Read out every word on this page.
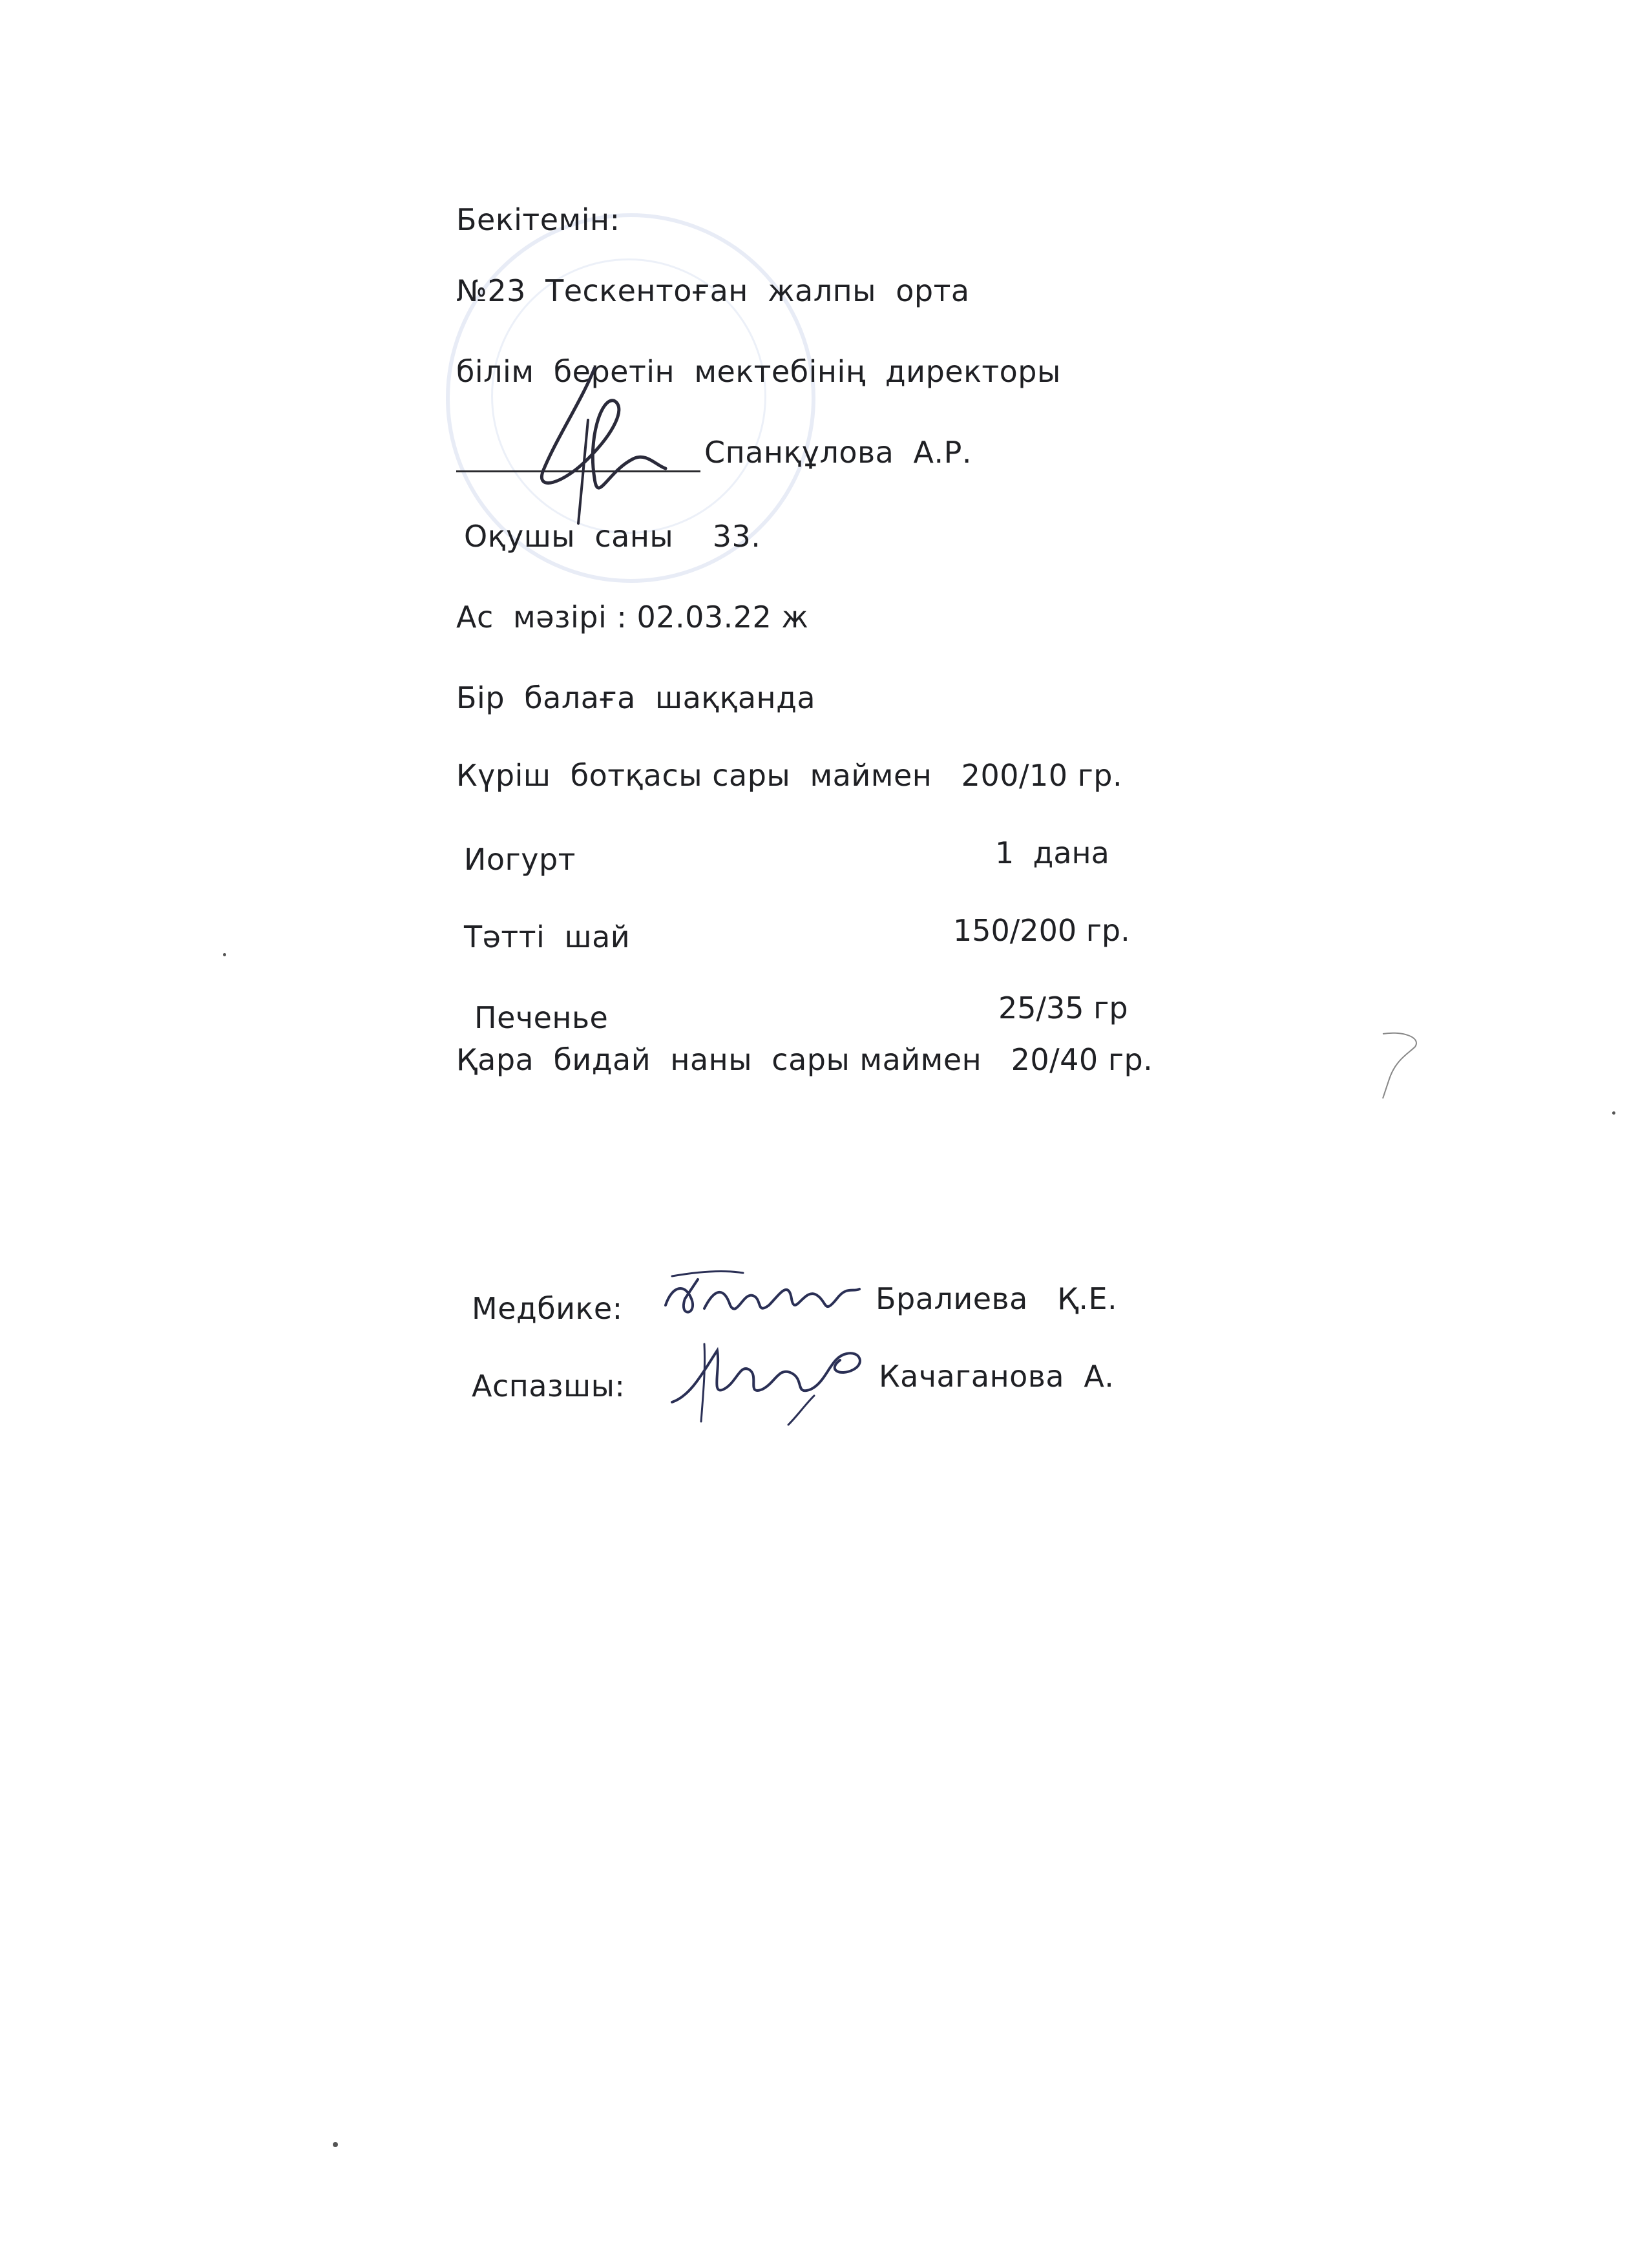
Бекітемін:
№23  Тескентоған  жалпы  орта
білім  беретін  мектебінің  директоры
Спанқұлова  А.Р.
Оқушы  саны    33.
Ас  мәзірі : 02.03.22 ж
Бір  балаға  шаққанда
Күріш  ботқасы сары  маймен   200/10 гр.
Иогурт	1  дана
Тәтті  шай	150/200 гр.
Печенье	25/35 гр
Қара  бидай  наны  сары маймен   20/40 гр.
Медбике:	Бралиева   Қ.Е.
Аспазшы:	Качаганова  А.
